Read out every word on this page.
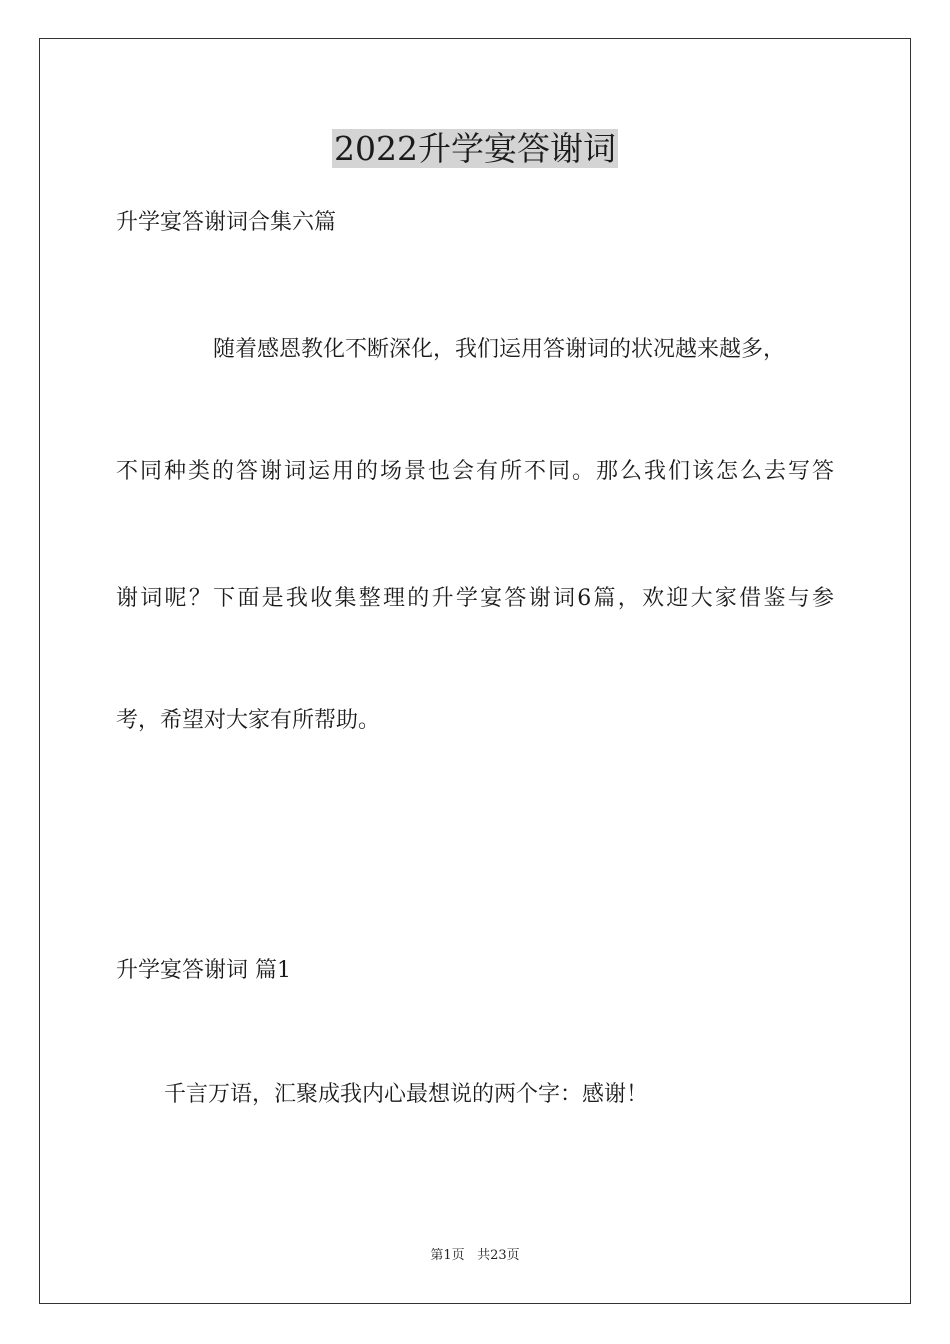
2022升学宴答谢词
升学宴答谢词合集六篇
随着感恩教化不断深化，我们运用答谢词的状况越来越多，
不同种类的答谢词运用的场景也会有所不同。那么我们该怎么去写答
谢词呢？下面是我收集整理的升学宴答谢词6篇，欢迎大家借鉴与参
考，希望对大家有所帮助。
升学宴答谢词 篇1
千言万语，汇聚成我内心最想说的两个字：感谢！
第1页 共23页
